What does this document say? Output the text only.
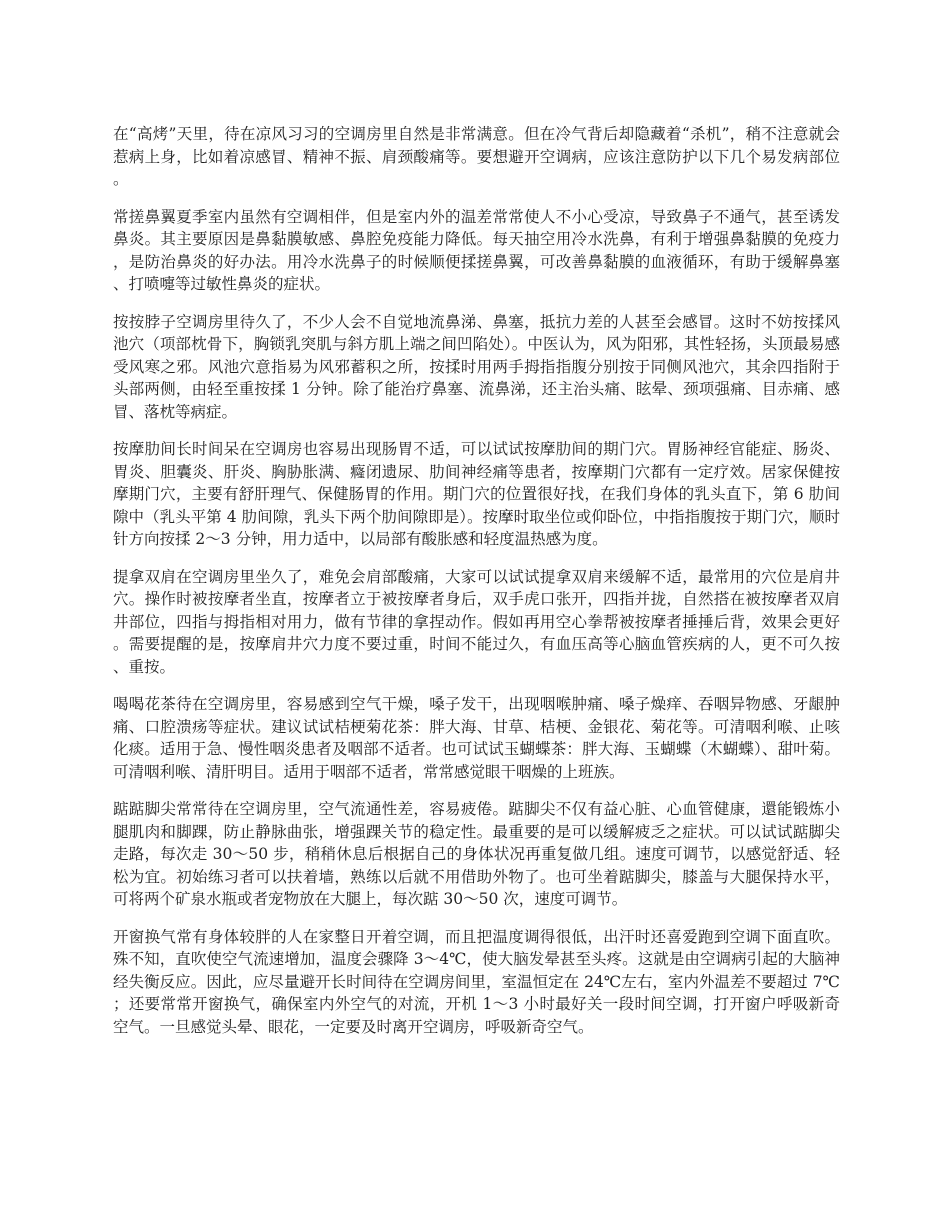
在“高烤”天里，待在凉风习习的空调房里自然是非常满意。但在冷气背后却隐藏着“杀机”，稍不注意就会惹病上身，比如着凉感冒、精神不振、肩颈酸痛等。要想避开空调病，应该注意防护以下几个易发病部位。

常搓鼻翼夏季室内虽然有空调相伴，但是室内外的温差常常使人不小心受凉，导致鼻子不通气，甚至诱发鼻炎。其主要原因是鼻黏膜敏感、鼻腔免疫能力降低。每天抽空用冷水洗鼻，有利于增强鼻黏膜的免疫力，是防治鼻炎的好办法。用冷水洗鼻子的时候顺便揉搓鼻翼，可改善鼻黏膜的血液循环，有助于缓解鼻塞、打喷嚏等过敏性鼻炎的症状。

按按脖子空调房里待久了，不少人会不自觉地流鼻涕、鼻塞，抵抗力差的人甚至会感冒。这时不妨按揉风池穴（项部枕骨下，胸锁乳突肌与斜方肌上端之间凹陷处）。中医认为，风为阳邪，其性轻扬，头顶最易感受风寒之邪。风池穴意指易为风邪蓄积之所，按揉时用两手拇指指腹分别按于同侧风池穴，其余四指附于头部两侧，由轻至重按揉 1 分钟。除了能治疗鼻塞、流鼻涕，还主治头痛、眩晕、颈项强痛、目赤痛、感冒、落枕等病症。

按摩肋间长时间呆在空调房也容易出现肠胃不适，可以试试按摩肋间的期门穴。胃肠神经官能症、肠炎、胃炎、胆囊炎、肝炎、胸胁胀满、癃闭遗尿、肋间神经痛等患者，按摩期门穴都有一定疗效。居家保健按摩期门穴，主要有舒肝理气、保健肠胃的作用。期门穴的位置很好找，在我们身体的乳头直下，第 6 肋间隙中（乳头平第 4 肋间隙，乳头下两个肋间隙即是）。按摩时取坐位或仰卧位，中指指腹按于期门穴，顺时针方向按揉 2～3 分钟，用力适中，以局部有酸胀感和轻度温热感为度。

提拿双肩在空调房里坐久了，难免会肩部酸痛，大家可以试试提拿双肩来缓解不适，最常用的穴位是肩井穴。操作时被按摩者坐直，按摩者立于被按摩者身后，双手虎口张开，四指并拢，自然搭在被按摩者双肩井部位，四指与拇指相对用力，做有节律的拿捏动作。假如再用空心拳帮被按摩者捶捶后背，效果会更好。需要提醒的是，按摩肩井穴力度不要过重，时间不能过久，有血压高等心脑血管疾病的人，更不可久按、重按。

喝喝花茶待在空调房里，容易感到空气干燥，嗓子发干，出现咽喉肿痛、嗓子燥痒、吞咽异物感、牙龈肿痛、口腔溃疡等症状。建议试试桔梗菊花茶：胖大海、甘草、桔梗、金银花、菊花等。可清咽利喉、止咳化痰。适用于急、慢性咽炎患者及咽部不适者。也可试试玉蝴蝶茶：胖大海、玉蝴蝶（木蝴蝶）、甜叶菊。可清咽利喉、清肝明目。适用于咽部不适者，常常感觉眼干咽燥的上班族。

踮踮脚尖常常待在空调房里，空气流通性差，容易疲倦。踮脚尖不仅有益心脏、心血管健康，還能锻炼小腿肌肉和脚踝，防止静脉曲张，增强踝关节的稳定性。最重要的是可以缓解疲乏之症状。可以试试踮脚尖走路，每次走 30～50 步，稍稍休息后根据自己的身体状况再重复做几组。速度可调节，以感觉舒适、轻松为宜。初始练习者可以扶着墙，熟练以后就不用借助外物了。也可坐着踮脚尖，膝盖与大腿保持水平，可将两个矿泉水瓶或者宠物放在大腿上，每次踮 30～50 次，速度可调节。

开窗换气常有身体较胖的人在家整日开着空调，而且把温度调得很低，出汗时还喜爱跑到空调下面直吹。殊不知，直吹使空气流速增加，温度会骤降 3～4℃，使大脑发晕甚至头疼。这就是由空调病引起的大脑神经失衡反应。因此，应尽量避开长时间待在空调房间里，室温恒定在 24℃左右，室内外温差不要超过 7℃；还要常常开窗换气，确保室内外空气的对流，开机 1～3 小时最好关一段时间空调，打开窗户呼吸新奇空气。一旦感觉头晕、眼花，一定要及时离开空调房，呼吸新奇空气。
